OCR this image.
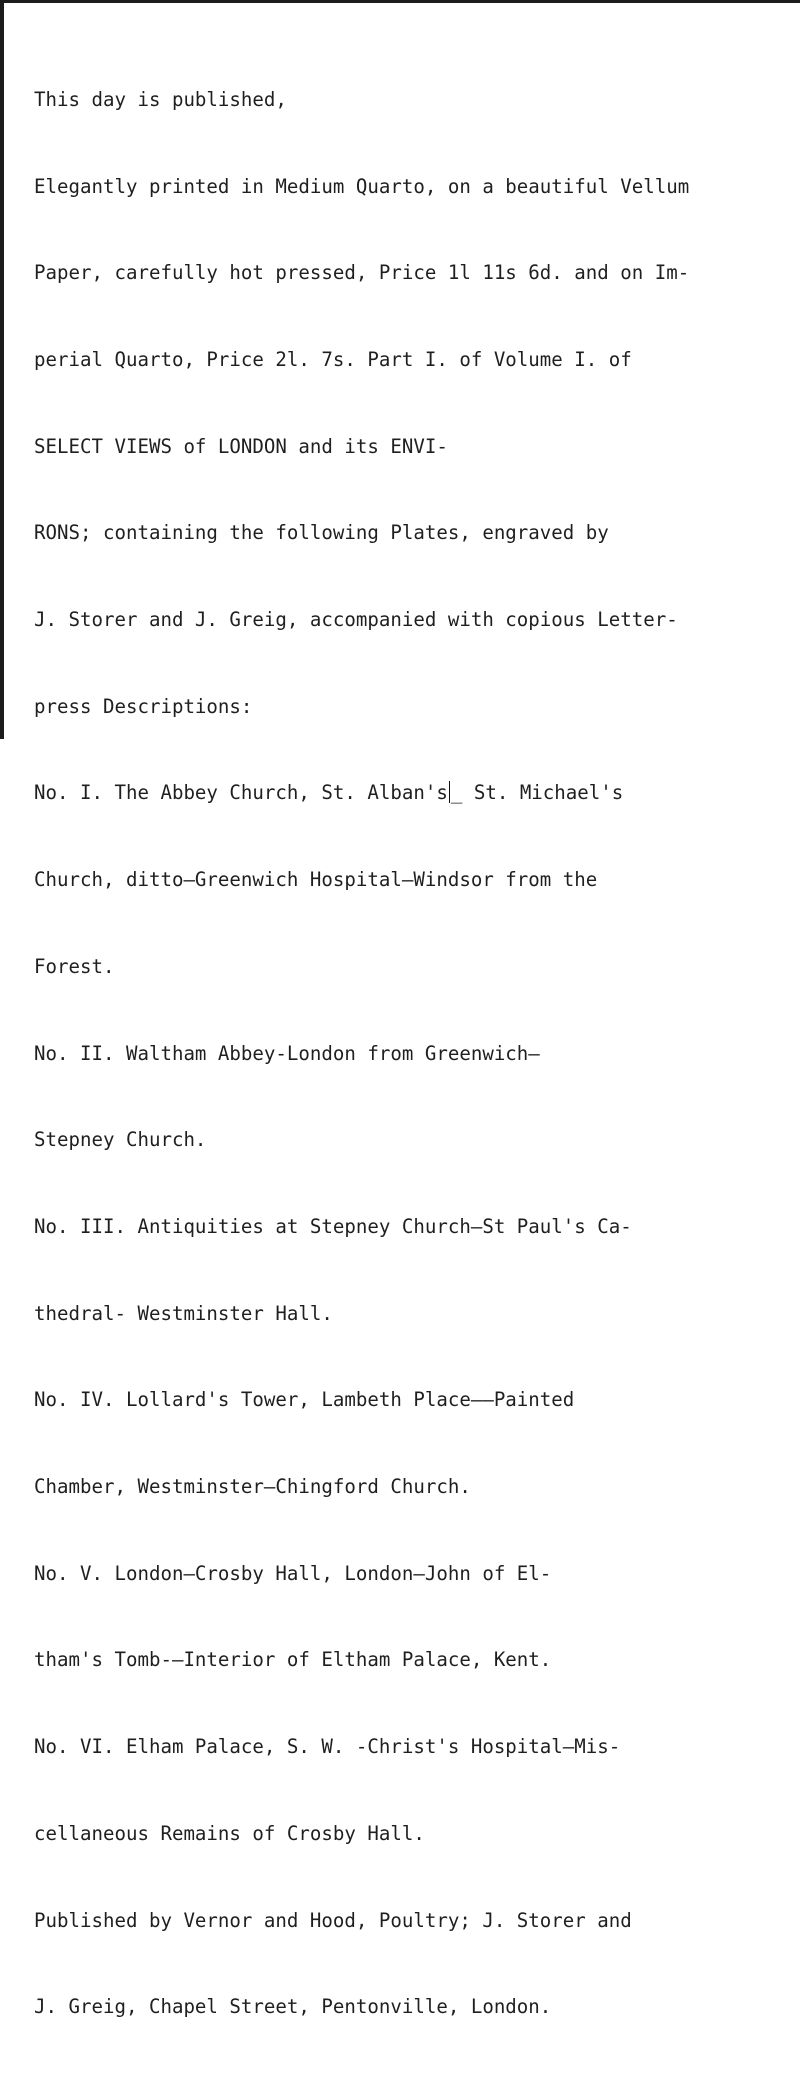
This day is published,

Elegantly printed in Medium Quarto, on a beautiful Vellum

Paper, carefully hot pressed, Price 1l 11s 6d. and on Im-

perial Quarto, Price 2l. 7s. Part I. of Volume I. of

SELECT VIEWS of LONDON and its ENVI-

RONS; containing the following Plates, engraved by

J. Storer and J. Greig, accompanied with copious Letter-

press Descriptions:

No. I. The Abbey Church, St. Alban's _ St. Michael's

Church, ditto—Greenwich Hospital—Windsor from the

Forest.

No. II. Waltham Abbey-London from Greenwich—

Stepney Church.

No. III. Antiquities at Stepney Church—St Paul's Ca-

thedral- Westminster Hall.

No. IV. Lollard's Tower, Lambeth Place——Painted

Chamber, Westminster—Chingford Church.

No. V. London—Crosby Hall, London—John of El-

tham's Tomb-—Interior of Eltham Palace, Kent.

No. VI. Elham Palace, S. W. -Christ's Hospital—Mis-

cellaneous Remains of Crosby Hall.

Published by Vernor and Hood, Poultry; J. Storer and

J. Greig, Chapel Street, Pentonville, London.
